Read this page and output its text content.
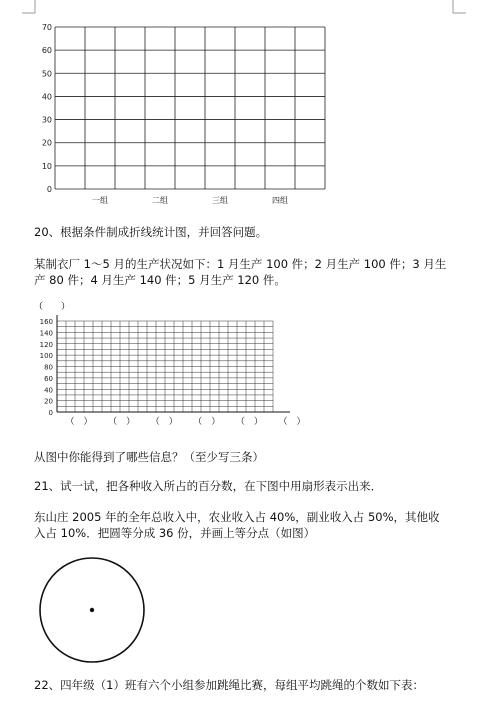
70
60
50
40
30
20
10
0
一组	二组	三组	四组
20、根据条件制成折线统计图，并回答问题。
某制衣厂 1～5 月的生产状况如下：1 月生产 100 件；2 月生产 100 件；3 月生
产 80 件；4 月生产 140 件；5 月生产 120 件。
（　　）
160
140
120
100
80
60
40
20
0
（　） （　） （　） （　） （　） （　）
从图中你能得到了哪些信息？（至少写三条）
21、试一试，把各种收入所占的百分数，在下图中用扇形表示出来．
东山庄 2005 年的全年总收入中，农业收入占 40%，副业收入占 50%，其他收
入占 10%．把圆等分成 36 份，并画上等分点（如图）
22、四年级（1）班有六个小组参加跳绳比赛，每组平均跳绳的个数如下表：
